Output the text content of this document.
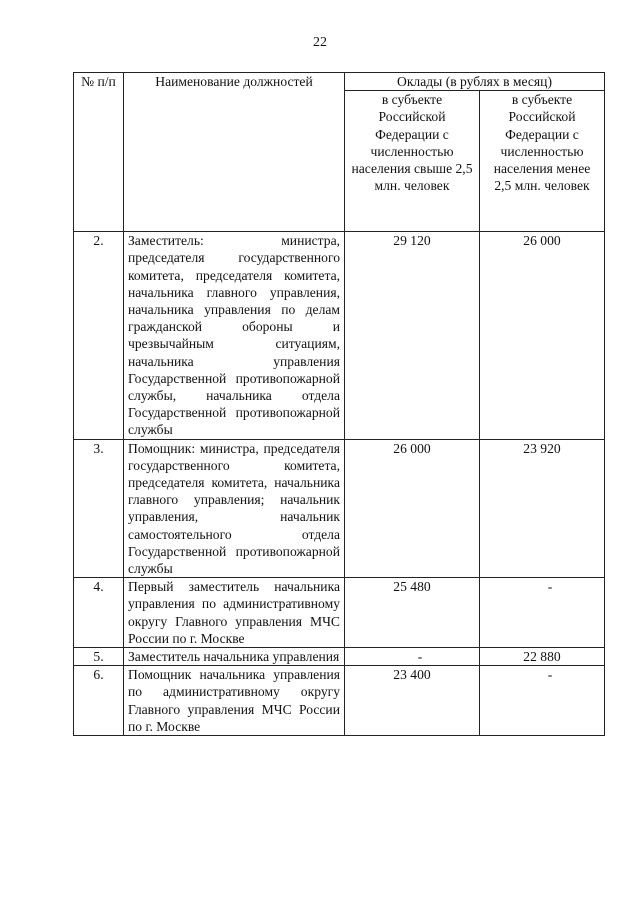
22
№ п/п	Наименование должностей	Оклады (в рублях в месяц)	
		в субъекте Российской Федерации с численностью населения свыше 2,5 млн. человек	в субъекте Российской Федерации с численностью населения менее 2,5 млн. человек
2.	Заместитель: министра, председателя государственного комитета, председателя комитета, начальника главного управления, начальника управления по делам гражданской обороны и чрезвычайным ситуациям, начальника управления Государственной противопожарной службы, начальника отдела Государственной противопожарной службы	29 120	26 000
3.	Помощник: министра, председателя государственного комитета, председателя комитета, начальника главного управления; начальник управления, начальник самостоятельного отдела Государственной противопожарной службы	26 000	23 920
4.	Первый заместитель начальника управления по административному округу Главного управления МЧС России по г. Москве	25 480	-
5.	Заместитель начальника управления	-	22 880
6.	Помощник начальника управления по административному округу Главного управления МЧС России по г. Москве	23 400	-
